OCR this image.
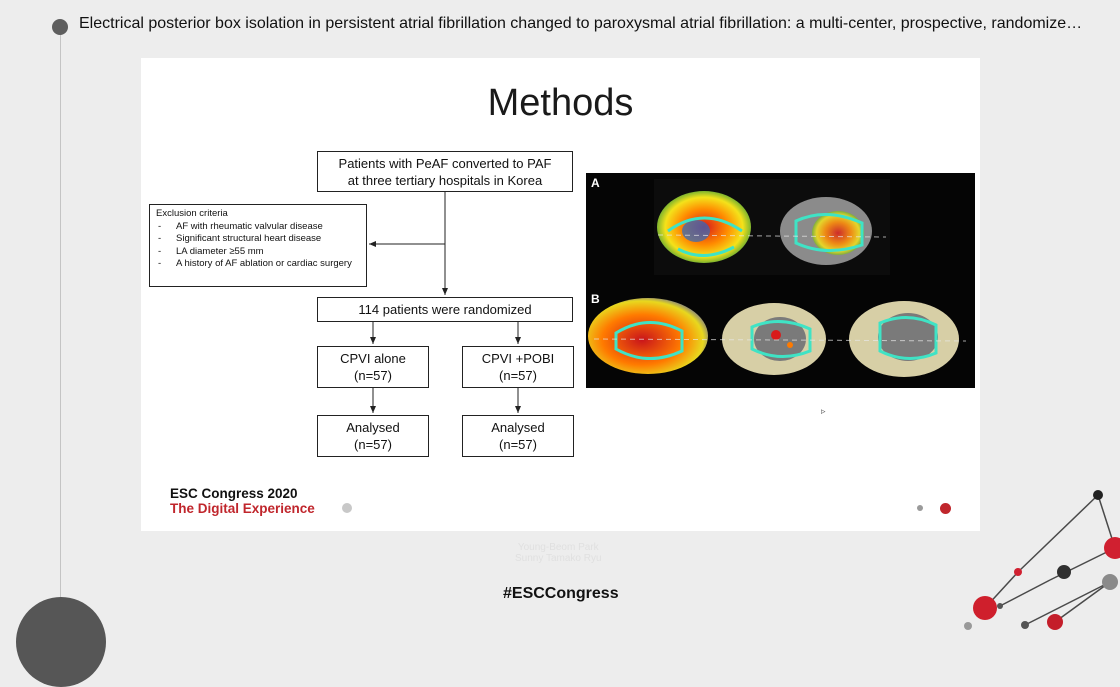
Electrical posterior box isolation in persistent atrial fibrillation changed to paroxysmal atrial fibrillation: a multi-center, prospective, randomize…
Methods
Patients with PeAF converted to PAF
at three tertiary hospitals in Korea
Exclusion criteria
- AF with rheumatic valvular disease
- Significant structural heart disease
- LA diameter ≥55 mm
- A history of AF ablation or cardiac surgery
114 patients were randomized
CPVI alone
(n=57)
CPVI +POBI
(n=57)
Analysed
(n=57)
Analysed
(n=57)
A
B
ESC Congress 2020
The Digital Experience
▹
Young-Beom Park
Sunny Tamako Ryu
#ESCCongress
